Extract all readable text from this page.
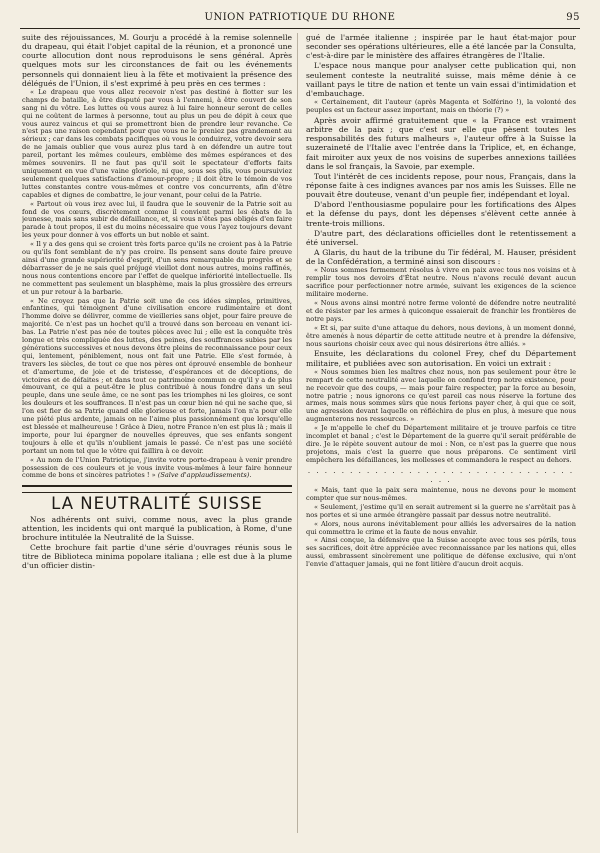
UNION PATRIOTIQUE DU RHONE	95

suite des réjouissances, M. Gourju a procédé à la remise solennelle du drapeau, qui était l'objet capital de la réunion, et a prononcé une courte allocution dont nous reproduisons le sens général. Après quelques mots sur les circonstances de fait ou les événements personnels qui donnaient lieu à la fête et motivaient la présence des délégués de l'Union, il s'est exprimé à peu près en ces termes :

« Le drapeau que vous allez recevoir n'est pas destiné à flotter sur les champs de bataille, à être disputé par vous à l'ennemi, à être couvert de son sang ni du vôtre. Les luttes où vous aurez à lui faire honneur seront de celles qui ne coûtent de larmes à personne, tout au plus un peu de dépit à ceux que vous aurez vaincus et qui se promettront bien de prendre leur revanche. Ce n'est pas une raison cependant pour que vous ne le preniez pas grandement au sérieux ; car dans les combats pacifiques où vous le conduirez, votre devoir sera de ne jamais oublier que vous aurez plus tard à en défendre un autre tout pareil, portant les mêmes couleurs, emblème des mêmes espérances et des mêmes souvenirs. Il ne faut pas qu'il soit le spectateur d'efforts faits uniquement en vue d'une vaine gloriole, ni que, sous ses plis, vous poursuiviez seulement quelques satisfactions d'amour-propre ; il doit être le témoin de vos luttes constantes contre vous-mêmes et contre vos concurrents, afin d'être capables et dignes de combattre, le jour venant, pour celui de la Patrie.

« Partout où vous irez avec lui, il faudra que le souvenir de la Patrie soit au fond de vos cœurs, discrètement comme il convient parmi les ébats de la jeunesse, mais sans subir de défaillance, et, si vous n'êtes pas obligés d'en faire parade à tout propos, il est du moins nécessaire que vous l'ayez toujours devant les yeux pour donner à vos efforts un but noble et saint.

« Il y a des gens qui se croient très forts parce qu'ils ne croient pas à la Patrie ou qu'ils font semblant de n'y pas croire. Ils pensent sans doute faire preuve ainsi d'une grande supériorité d'esprit, d'un sens remarquable du progrès et se débarrasser de je ne sais quel préjugé vieillot dont nous autres, moins raffinés, nous nous contentions encore par l'effet de quelque infériorité intellectuelle. Ils ne commettent pas seulement un blasphème, mais la plus grossière des erreurs et un pur retour à la barbarie.

« Ne croyez pas que la Patrie soit une de ces idées simples, primitives, enfantines, qui témoignent d'une civilisation encore rudimentaire et dont l'homme doive se délivrer, comme de vieilleries sans objet, pour faire preuve de majorité. Ce n'est pas un hochet qu'il a trouvé dans son berceau en venant ici-bas. La Patrie n'est pas née de toutes pièces avec lui ; elle est la conquête très longue et très compliquée des luttes, des peines, des souffrances subies par les générations successives et nous devons être pleins de reconnaissance pour ceux qui, lentement, péniblement, nous ont fait une Patrie. Elle s'est formée, à travers les siècles, de tout ce que nos pères ont éprouvé ensemble de bonheur et d'amertume, de joie et de tristesse, d'espérances et de déceptions, de victoires et de défaites ; et dans tout ce patrimoine commun ce qu'il y a de plus émouvant, ce qui a peut-être le plus contribué à nous fondre dans un seul peuple, dans une seule âme, ce ne sont pas les triomphes ni les gloires, ce sont les douleurs et les souffrances. Il n'est pas un cœur bien né qui ne sache que, si l'on est fier de sa Patrie quand elle glorieuse et forte, jamais l'on n'a pour elle une piété plus ardente, jamais on ne l'aime plus passionnément que lorsqu'elle est blessée et malheureuse ! Grâce à Dieu, notre France n'en est plus là ; mais il importe, pour lui épargner de nouvelles épreuves, que ses enfants songent toujours à elle et qu'ils n'oublient jamais le passé. Ce n'est pas une société portant un nom tel que le vôtre qui faillira à ce devoir.

« Au nom de l'Union Patriotique, j'invite votre porte-drapeau à venir prendre possession de ces couleurs et je vous invite vous-mêmes à leur faire honneur comme de bons et sincères patriotes ! » (Salve d'applaudissements).

LA NEUTRALITÉ SUISSE

Nos adhérents ont suivi, comme nous, avec la plus grande attention, les incidents qui ont marqué la publication, à Rome, d'une brochure intitulée la Neutralité de la Suisse.

Cette brochure fait partie d'une série d'ouvrages réunis sous le titre de Biblioteca minima popolare italiana ; elle est due à la plume d'un officier distin-

gué de l'armée italienne ; inspirée par le haut état-major pour seconder ses opérations ultérieures, elle a été lancée par la Consulta, c'est-à-dire par le ministère des affaires étrangères de l'Italie.

L'espace nous manque pour analyser cette publication qui, non seulement conteste la neutralité suisse, mais même dénie à ce vaillant pays le titre de nation et tente un vain essai d'intimidation et d'embauchage.

« Certainement, dit l'auteur (après Magenta et Solférino !), la volonté des peuples est un facteur assez important, mais en théorie (?) »

Après avoir affirmé gratuitement que « la France est vraiment arbitre de la paix ; que c'est sur elle que pèsent toutes les responsabilités des futurs malheurs », l'auteur offre à la Suisse la suzeraineté de l'Italie avec l'entrée dans la Triplice, et, en échange, fait miroiter aux yeux de nos voisins de superbes annexions taillées dans le sol français, la Savoie, par exemple.

Tout l'intérêt de ces incidents repose, pour nous, Français, dans la réponse faite à ces indignes avances par nos amis les Suisses. Elle ne pouvait être douteuse, venant d'un peuple fier, indépendant et loyal.

D'abord l'enthousiasme populaire pour les fortifications des Alpes et la défense du pays, dont les dépenses s'élèvent cette année à trente-trois millions.

D'autre part, des déclarations officielles dont le retentissement a été universel.

A Glaris, du haut de la tribune du Tir fédéral, M. Hauser, président de la Confédération, a terminé ainsi son discours :

« Nous sommes fermement résolus à vivre en paix avec tous nos voisins et à remplir tous nos devoirs d'État neutre. Nous n'avons reculé devant aucun sacrifice pour perfectionner notre armée, suivant les exigences de la science militaire moderne.

« Nous avons ainsi montré notre ferme volonté de défendre notre neutralité et de résister par les armes à quiconque essaierait de franchir les frontières de notre pays.

« Et si, par suite d'une attaque du dehors, nous devions, à un moment donné, être amenés à nous départir de cette attitude neutre et à prendre la défensive, nous saurions choisir ceux avec qui nous désirerions être alliés. »

Ensuite, les déclarations du colonel Frey, chef du Département militaire, et publiées avec son autorisation. En voici un extrait :

« Nous sommes bien les maîtres chez nous, non pas seulement pour être le rempart de cette neutralité avec laquelle on confond trop notre existence, pour ne recevoir que des coups, — mais pour faire respecter, par la force au besoin, notre patrie ; nous ignorons ce qu'est pareil cas nous réserve la fortune des armes, mais nous sommes sûrs que nous ferions payer cher, à qui que ce soit, une agression devant laquelle on réfléchira de plus en plus, à mesure que nous augmenterons nos ressources. »

« Je m'appelle le chef du Département militaire et je trouve parfois ce titre incomplet et banal ; c'est le Département de la guerre qu'il serait préférable de dire. Je le répète souvent autour de moi : Non, ce n'est pas la guerre que nous projetons, mais c'est la guerre que nous préparons. Ce sentiment viril empêchera les défaillances, les mollesses et commandera le respect au dehors.

. . . . . . . . . . . . . . . . . . . . . . . . . . . . . . . . . . .

« Mais, tant que la paix sera maintenue, nous ne devons pour le moment compter que sur nous-mêmes.

« Seulement, j'estime qu'il en serait autrement si la guerre ne s'arrêtait pas à nos portes et si une armée étrangère passait par dessus notre neutralité.

« Alors, nous aurons inévitablement pour alliés les adversaires de la nation qui commettra le crime et la faute de nous envahir.

« Ainsi conçue, la défensive que la Suisse accepte avec tous ses périls, tous ses sacrifices, doit être appréciée avec reconnaissance par les nations qui, elles aussi, embrassent sincèrement une politique de défense exclusive, qui n'ont l'envie d'attaquer jamais, qui ne font litière d'aucun droit acquis.
